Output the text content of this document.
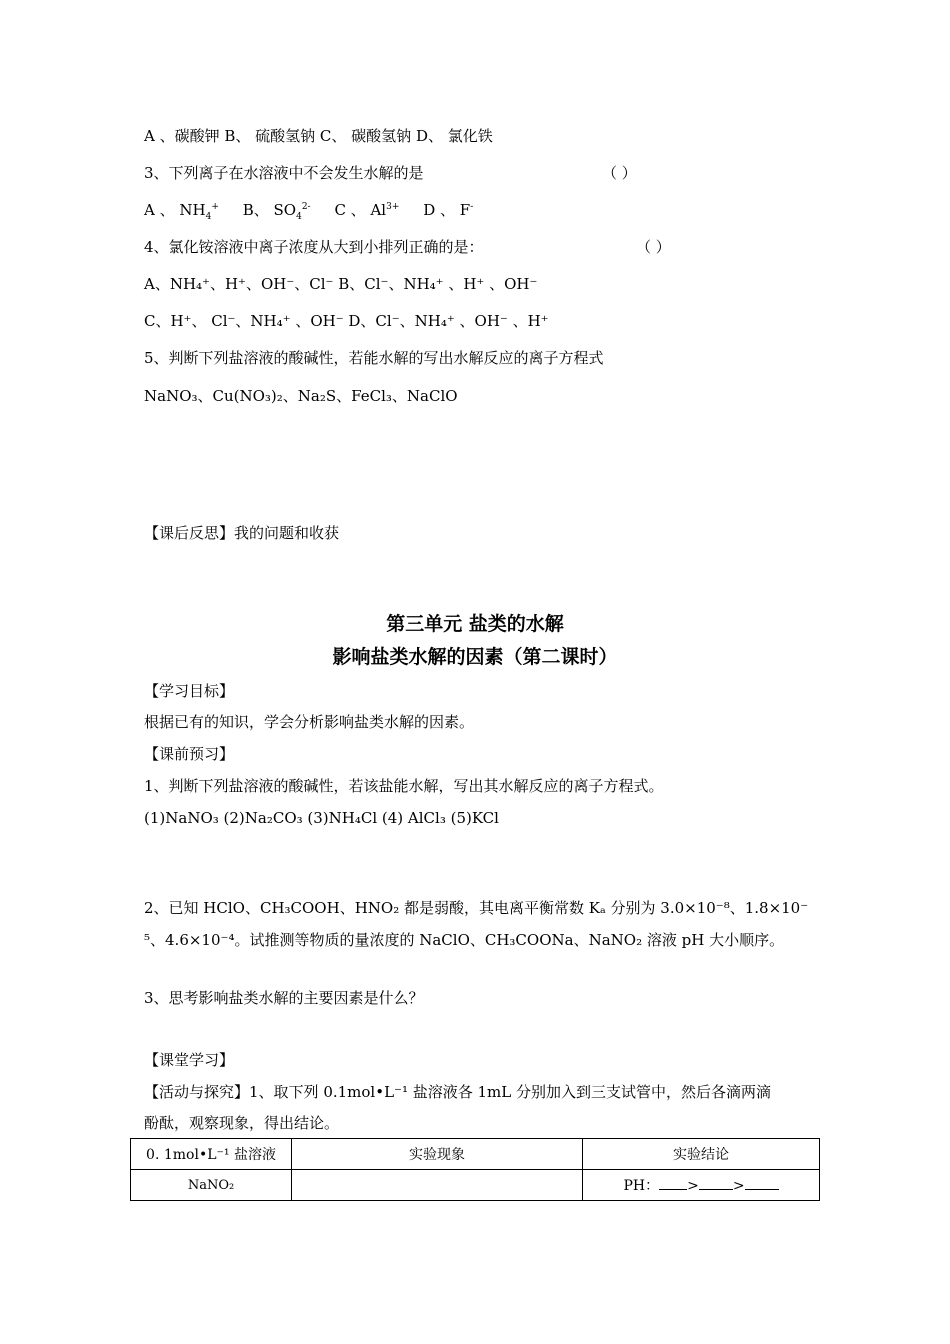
A 、碳酸钾 B、 硫酸氢钠 C、 碳酸氢钠 D、 氯化铁
3、下列离子在水溶液中不会发生水解的是	（ ）
A 、 $NH_4^+$ B、 $SO_4^{2-}$ C 、 $Al^{3+}$ D 、 F-
4、氯化铵溶液中离子浓度从大到小排列正确的是：	（ ）
A、NH₄⁺、H⁺、OH⁻、Cl⁻ B、Cl⁻、NH₄⁺ 、H⁺ 、OH⁻
C、H⁺、 Cl⁻、NH₄⁺ 、OH⁻ D、Cl⁻、NH₄⁺ 、OH⁻ 、H⁺
5、判断下列盐溶液的酸碱性，若能水解的写出水解反应的离子方程式
NaNO₃、Cu(NO₃)₂、Na₂S、FeCl₃、NaClO
【课后反思】我的问题和收获
第三单元 盐类的水解
影响盐类水解的因素（第二课时）
【学习目标】
根据已有的知识，学会分析影响盐类水解的因素。
【课前预习】
1、判断下列盐溶液的酸碱性，若该盐能水解，写出其水解反应的离子方程式。
(1)NaNO₃ (2)Na₂CO₃ (3)NH₄Cl (4) AlCl₃ (5)KCl
2、已知 HClO、CH₃COOH、HNO₂ 都是弱酸，其电离平衡常数 Kₐ 分别为 3.0×10⁻⁸、1.8×10⁻
⁵、4.6×10⁻⁴。试推测等物质的量浓度的 NaClO、CH₃COONa、NaNO₂ 溶液 pH 大小顺序。
3、思考影响盐类水解的主要因素是什么？
【课堂学习】
【活动与探究】1、取下列 0.1mol•L⁻¹ 盐溶液各 1mL 分别加入到三支试管中，然后各滴两滴
酚酞，观察现象，得出结论。
0. 1mol•L⁻¹ 盐溶液	实验现象	实验结论
NaNO₂		PH： > >
